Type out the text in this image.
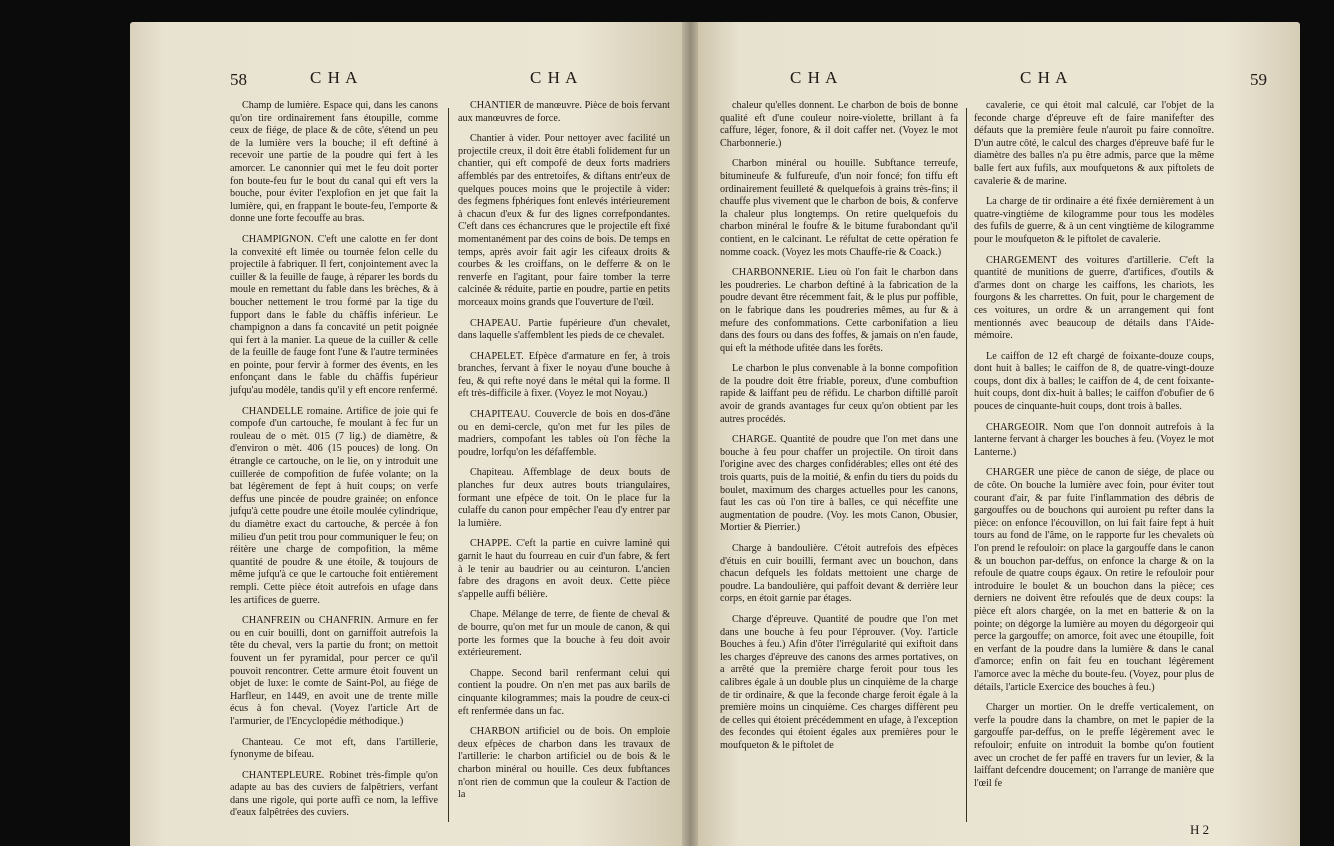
58	C H A	C H A

Champ de lumière. Espace qui, dans les canons qu'on tire ordinairement fans étoupille, comme ceux de fiége, de place & de côte, s'étend un peu de la lumière vers la bouche; il eft deftiné à recevoir une partie de la poudre qui fert à les amorcer. Le canonnier qui met le feu doit porter fon boute-feu fur le bout du canal qui eft vers la bouche, pour éviter l'explofion en jet que fait la lumière, qui, en frappant le boute-feu, l'emporte & donne une forte fecouffe au bras.

CHAMPIGNON. C'eft une calotte en fer dont la convexité eft limée ou tournée felon celle du projectile à fabriquer. Il fert, conjointement avec la cuiller & la feuille de fauge, à réparer les bords du moule en remettant du fable dans les brèches, & à boucher nettement le trou formé par la tige du fupport dans le fable du châffis inférieur. Le champignon a dans fa concavité un petit poignée qui fert à la manier. La queue de la cuiller & celle de la feuille de fauge font l'une & l'autre terminées en pointe, pour fervir à former des évents, en les enfonçant dans le fable du châffis fupérieur jufqu'au modèle, tandis qu'il y eft encore renfermé.

CHANDELLE romaine. Artifice de joie qui fe compofe d'un cartouche, fe moulant à fec fur un rouleau de o mèt. 015 (7 lig.) de diamètre, & d'environ o mèt. 406 (15 pouces) de long. On étrangle ce cartouche, on le lie, on y introduit une cuillerée de compofition de fufée volante; on la bat légèrement de fept à huit coups; on verfe deffus une pincée de poudre grainée; on enfonce jufqu'à cette poudre une étoile moulée cylindrique, du diamètre exact du cartouche, & percée à fon milieu d'un petit trou pour communiquer le feu; on réitère une charge de compofition, la même quantité de poudre & une étoile, & toujours de même jufqu'à ce que le cartouche foit entièrement rempli. Cette pièce étoit autrefois en ufage dans les artifices de guerre.

CHANFREIN ou CHANFRIN. Armure en fer ou en cuir bouilli, dont on garniffoit autrefois la tête du cheval, vers la partie du front; on mettoit fouvent un fer pyramidal, pour percer ce qu'il pouvoit rencontrer. Cette armure étoit fouvent un objet de luxe: le comte de Saint-Pol, au fiége de Harfleur, en 1449, en avoit une de trente mille écus à fon cheval. (Voyez l'article Art de l'armurier, de l'Encyclopédie méthodique.)

Chanteau. Ce mot eft, dans l'artillerie, fynonyme de bifeau.

CHANTEPLEURE. Robinet très-fimple qu'on adapte au bas des cuviers de falpêtriers, verfant dans une rigole, qui porte auffi ce nom, la leffive d'eaux falpêtrées des cuviers.

CHANTIER de manœuvre. Pièce de bois fervant aux manœuvres de force.

Chantier à vider. Pour nettoyer avec facilité un projectile creux, il doit être établi folidement fur un chantier, qui eft compofé de deux forts madriers affemblés par des entretoifes, & diftans entr'eux de quelques pouces moins que le projectile à vider: des fegmens fphériques font enlevés intérieurement à chacun d'eux & fur des lignes correfpondantes. C'eft dans ces échancrures que le projectile eft fixé momentanément par des coins de bois. De temps en temps, après avoir fait agir les cifeaux droits & courbes & les croiffans, on le defferre & on le renverfe en l'agitant, pour faire tomber la terre calcinée & réduite, partie en poudre, partie en petits morceaux moins grands que l'ouverture de l'œil.

CHAPEAU. Partie fupérieure d'un chevalet, dans laquelle s'affemblent les pieds de ce chevalet.

CHAPELET. Efpèce d'armature en fer, à trois branches, fervant à fixer le noyau d'une bouche à feu, & qui refte noyé dans le métal qui la forme. Il eft très-difficile à fixer. (Voyez le mot Noyau.)

CHAPITEAU. Couvercle de bois en dos-d'âne ou en demi-cercle, qu'on met fur les piles de madriers, compofant les tables où l'on fèche la poudre, lorfqu'on les défaffemble.

Chapiteau. Affemblage de deux bouts de planches fur deux autres bouts triangulaires, formant une efpèce de toit. On le place fur la culaffe du canon pour empêcher l'eau d'y entrer par la lumière.

CHAPPE. C'eft la partie en cuivre laminé qui garnit le haut du fourreau en cuir d'un fabre, & fert à le tenir au baudrier ou au ceinturon. L'ancien fabre des dragons en avoit deux. Cette pièce s'appelle auffi bélière.

Chape. Mélange de terre, de fiente de cheval & de bourre, qu'on met fur un moule de canon, & qui porte les formes que la bouche à feu doit avoir extérieurement.

Chappe. Second baril renfermant celui qui contient la poudre. On n'en met pas aux barils de cinquante kilogrammes; mais la poudre de ceux-ci eft renfermée dans un fac.

CHARBON artificiel ou de bois. On emploie deux efpèces de charbon dans les travaux de l'artillerie: le charbon artificiel ou de bois & le charbon minéral ou houille. Ces deux fubftances n'ont rien de commun que la couleur & l'action de la

C H A	C H A	59

chaleur qu'elles donnent. Le charbon de bois de bonne qualité eft d'une couleur noire-violette, brillant à fa caffure, léger, fonore, & il doit caffer net. (Voyez le mot Charbonnerie.)

Charbon minéral ou houille. Subftance terreufe, bitumineufe & fulfureufe, d'un noir foncé; fon tiffu eft ordinairement feuilleté & quelquefois à grains très-fins; il chauffe plus vivement que le charbon de bois, & conferve la chaleur plus longtemps. On retire quelquefois du charbon minéral le foufre & le bitume furabondant qu'il contient, en le calcinant. Le réfultat de cette opération fe nomme coack. (Voyez les mots Chauffe-rie & Coack.)

CHARBONNERIE. Lieu où l'on fait le charbon dans les poudreries. Le charbon deftiné à la fabrication de la poudre devant être récemment fait, & le plus pur poffible, on le fabrique dans les poudreries mêmes, au fur & à mefure des confommations. Cette carbonifation a lieu dans des fours ou dans des foffes, & jamais on n'en faude, qui eft la méthode ufitée dans les forêts.

Le charbon le plus convenable à la bonne compofition de la poudre doit être friable, poreux, d'une combuftion rapide & laiffant peu de réfidu. Le charbon diftillé paroît avoir de grands avantages fur ceux qu'on obtient par les autres procédés.

CHARGE. Quantité de poudre que l'on met dans une bouche à feu pour chaffer un projectile. On tiroit dans l'origine avec des charges confidérables; elles ont été des trois quarts, puis de la moitié, & enfin du tiers du poids du boulet, maximum des charges actuelles pour les canons, faut les cas où l'on tire à balles, ce qui néceffite une augmentation de poudre. (Voy. les mots Canon, Obusier, Mortier & Pierrier.)

Charge à bandoulière. C'étoit autrefois des efpèces d'étuis en cuir bouilli, fermant avec un bouchon, dans chacun defquels les foldats mettoient une charge de poudre. La bandoulière, qui paffoit devant & derrière leur corps, en étoit garnie par étages.

Charge d'épreuve. Quantité de poudre que l'on met dans une bouche à feu pour l'éprouver. (Voy. l'article Bouches à feu.) Afin d'ôter l'irrégularité qui exiftoit dans les charges d'épreuve des canons des armes portatives, on a arrêté que la première charge feroit pour tous les calibres égale à un double plus un cinquième de la charge de tir ordinaire, & que la feconde charge feroit égale à la première moins un cinquième. Ces charges diffèrent peu de celles qui étoient précédemment en ufage, à l'exception des fecondes qui étoient égales aux premières pour le moufqueton & le piftolet de

cavalerie, ce qui étoit mal calculé, car l'objet de la feconde charge d'épreuve eft de faire manifefter des défauts que la première feule n'auroit pu faire connoître. D'un autre côté, le calcul des charges d'épreuve bafé fur le diamètre des balles n'a pu être admis, parce que la même balle fert aux fufils, aux moufquetons & aux piftolets de cavalerie & de marine.

La charge de tir ordinaire a été fixée dernièrement à un quatre-vingtième de kilogramme pour tous les modèles des fufils de guerre, & à un cent vingtième de kilogramme pour le moufqueton & le piftolet de cavalerie.

CHARGEMENT des voitures d'artillerie. C'eft la quantité de munitions de guerre, d'artifices, d'outils & d'armes dont on charge les caiffons, les chariots, les fourgons & les charrettes. On fuit, pour le chargement de ces voitures, un ordre & un arrangement qui font mentionnés avec beaucoup de détails dans l'Aide-mémoire.

Le caiffon de 12 eft chargé de foixante-douze coups, dont huit à balles; le caiffon de 8, de quatre-vingt-douze coups, dont dix à balles; le caiffon de 4, de cent foixante-huit coups, dont dix-huit à balles; le caiffon d'obufier de 6 pouces de cinquante-huit coups, dont trois à balles.

CHARGEOIR. Nom que l'on donnoit autrefois à la lanterne fervant à charger les bouches à feu. (Voyez le mot Lanterne.)

CHARGER une pièce de canon de siége, de place ou de côte. On bouche la lumière avec foin, pour éviter tout courant d'air, & par fuite l'inflammation des débris de gargouffes ou de bouchons qui auroient pu refter dans la pièce: on enfonce l'écouvillon, on lui fait faire fept à huit tours au fond de l'âme, on le rapporte fur les chevalets où l'on prend le refouloir: on place la gargouffe dans le canon & un bouchon par-deffus, on enfonce la charge & on la refoule de quatre coups égaux. On retire le refouloir pour introduire le boulet & un bouchon dans la pièce; ces derniers ne doivent être refoulés que de deux coups: la pièce eft alors chargée, on la met en batterie & on la pointe; on dégorge la lumière au moyen du dégorgeoir qui perce la gargouffe; on amorce, foit avec une étoupille, foit en verfant de la poudre dans la lumière & dans le canal d'amorce; enfin on fait feu en touchant légèrement l'amorce avec la mèche du boute-feu. (Voyez, pour plus de détails, l'article Exercice des bouches à feu.)

Charger un mortier. On le dreffe verticalement, on verfe la poudre dans la chambre, on met le papier de la gargouffe par-deffus, on le preffe légèrement avec le refouloir; enfuite on introduit la bombe qu'on foutient avec un crochet de fer paffé en travers fur un levier, & la laiffant defcendre doucement; on l'arrange de manière que l'œil fe

H 2
